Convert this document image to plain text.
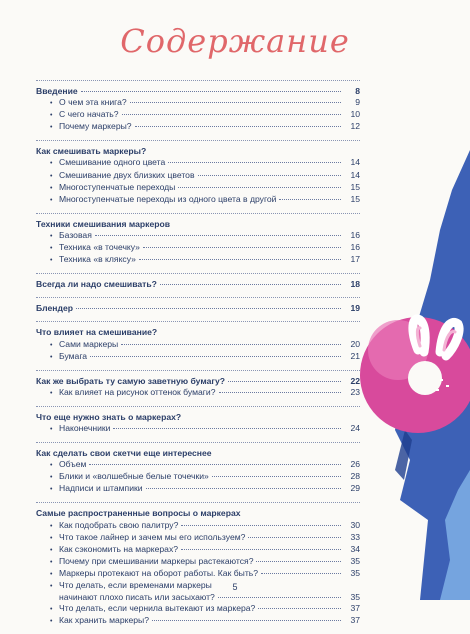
Содержание
Введение	8
• О чем эта книга?	9
• С чего начать?	10
• Почему маркеры?	12
Как смешивать маркеры?
• Смешивание одного цвета	14
• Смешивание двух близких цветов	14
• Многоступенчатые переходы	15
• Многоступенчатые переходы из одного цвета в другой	15
Техники смешивания маркеров
• Базовая	16
• Техника «в точечку»	16
• Техника «в кляксу»	17
Всегда ли надо смешивать?	18
Блендер	19
Что влияет на смешивание?
• Сами маркеры	20
• Бумага	21
Как же выбрать ту самую заветную бумагу?	22
• Как влияет на рисунок оттенок бумаги?	23
Что еще нужно знать о маркерах?
• Наконечники	24
Как сделать свои скетчи еще интереснее
• Объем	26
• Блики и «волшебные белые точечки»	28
• Надписи и штампики	29
Самые распространенные вопросы о маркерах
• Как подобрать свою палитру?	30
• Что такое лайнер и зачем мы его используем?	33
• Как сэкономить на маркерах?	34
• Почему при смешивании маркеры растекаются?	35
• Маркеры протекают на оборот работы. Как быть?	35
• Что делать, если временами маркеры
начинают плохо писать или засыхают?	35
• Что делать, если чернила вытекают из маркера?	37
• Как хранить маркеры?	37
5
